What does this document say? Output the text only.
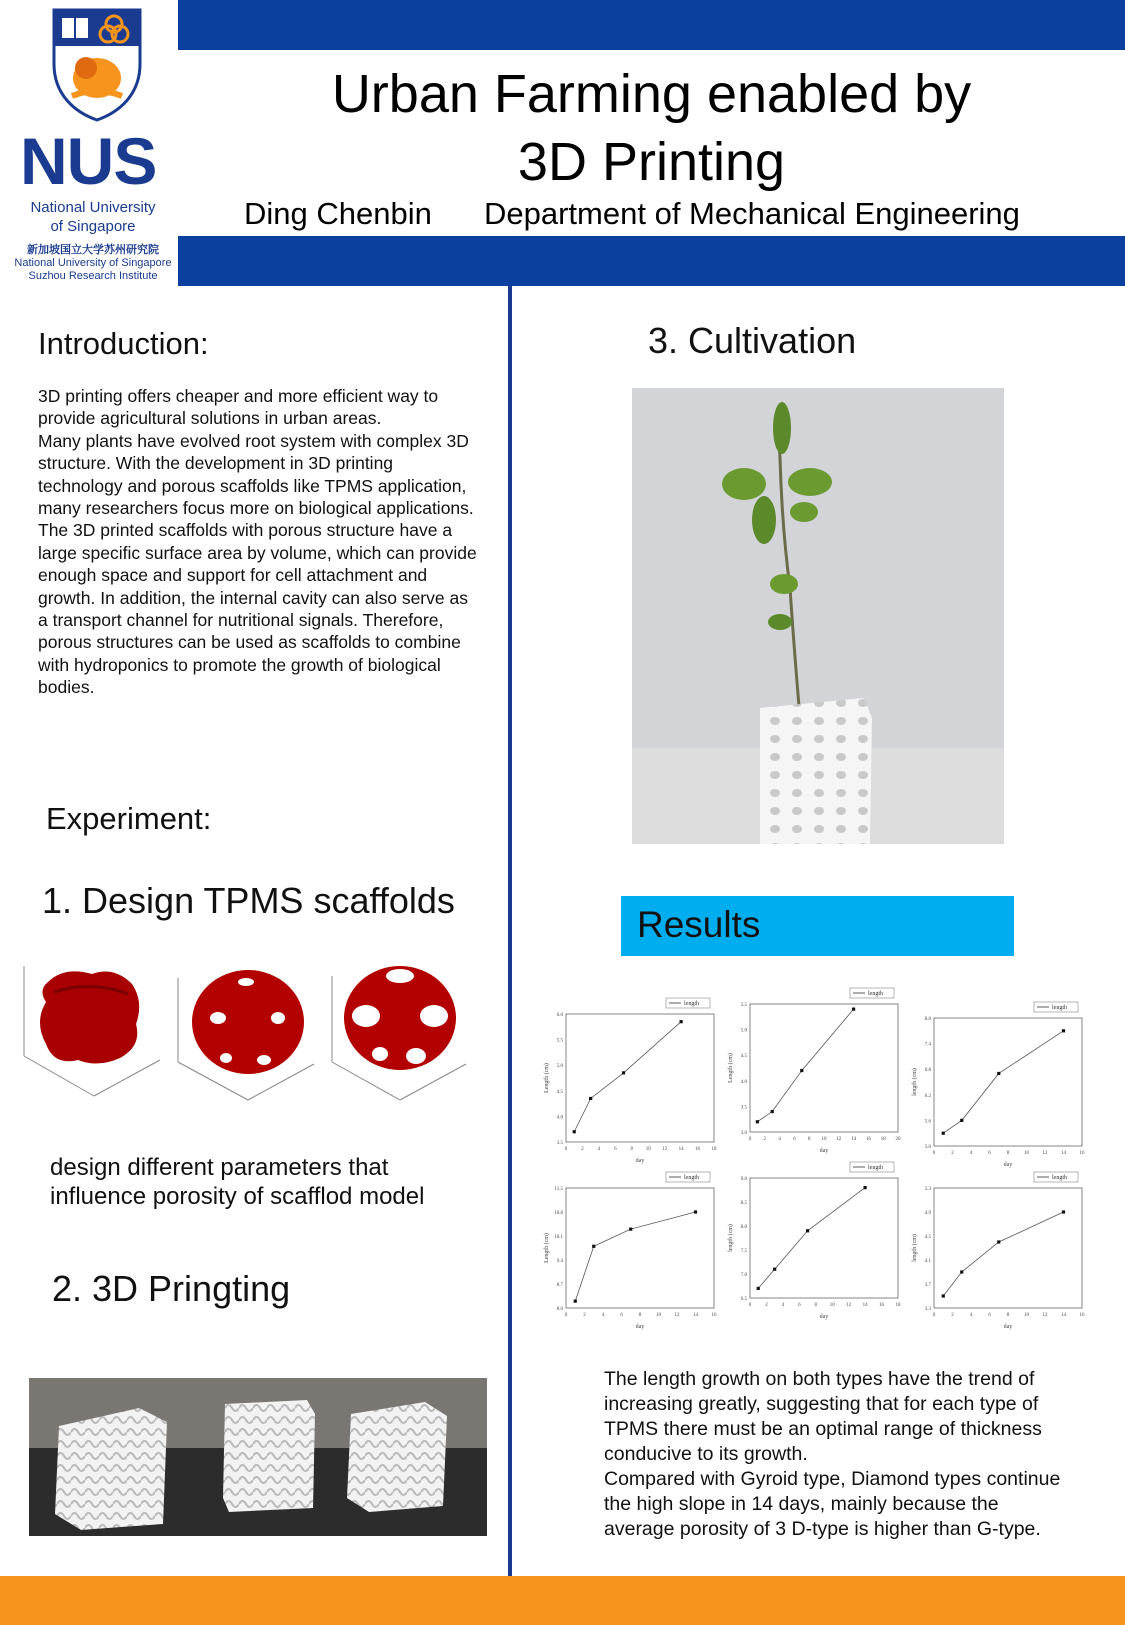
NUS
National University
of Singapore
新加坡国立大学苏州研究院
National University of Singapore
Suzhou Research Institute
Urban Farming enabled by
3D Printing
Ding Chenbin Department of Mechanical Engineering
Introduction:
3D printing offers cheaper and more efficient way to provide agricultural solutions in urban areas.
Many plants have evolved root system with complex 3D structure. With the development in 3D printing technology and porous scaffolds like TPMS application, many researchers focus more on biological applications.
The 3D printed scaffolds with porous structure have a large specific surface area by volume, which can provide enough space and support for cell attachment and growth. In addition, the internal cavity can also serve as a transport channel for nutritional signals. Therefore, porous structures can be used as scaffolds to combine with hydroponics to promote the growth of biological bodies.
Experiment:
1. Design TPMS scaffolds
design different parameters that influence porosity of scafflod model
2. 3D Pringting
3. Cultivation
Results
3.5
4.0
4.5
5.0
5.5
6.0
0	2	4	6	8	10 12 14 16 18
day
Length (cm)
length
3.0
3.5
4.0
4.5
5.0
5.5
0 2 4 6 8 10 12 14 16 18 20
day
Length (cm)
length
5.0
5.6
6.2
6.8
7.4
8.0
0	2	4	6	8	10	12	14	16
day
length (cm)
length
8.0
8.7
9.4
10.1
10.8
11.5
0	2	4	6	8	10	12	14	16
day
Length (cm)
length
6.5
7.0
7.5
8.0
8.5
9.0
0	2	4	6	8	10 12 14 16 18
day
length (cm)
length
3.3
3.7
4.1
4.5
4.9
5.3
0	2	4	6	8	10	12	14	16
day
length (cm)
length
The length growth on both types have the trend of increasing greatly, suggesting that for each type of TPMS there must be an optimal range of thickness conducive to its growth.
Compared with Gyroid type, Diamond types continue the high slope in 14 days, mainly because the average porosity of 3 D-type is higher than G-type.
